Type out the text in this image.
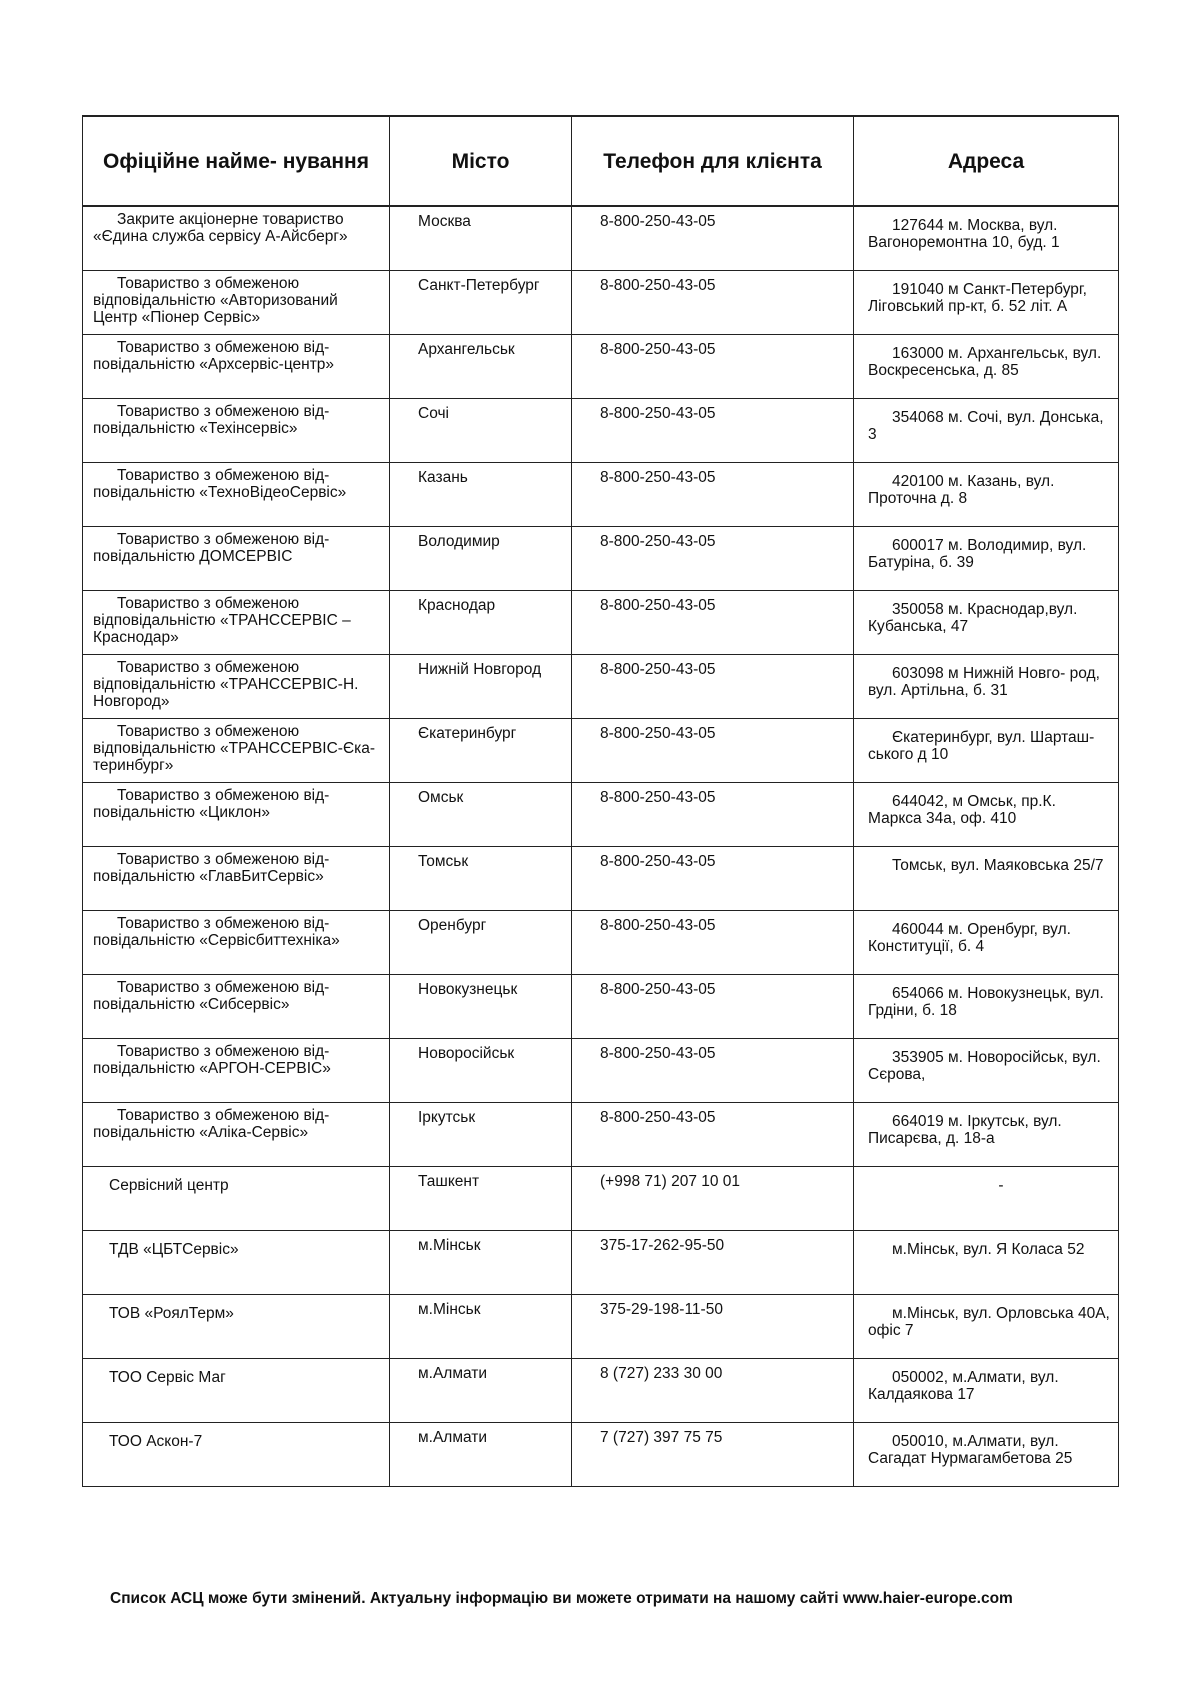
Офіційне найме- нування	Місто	Телефон для клієнта	Адреса
Закрите акціонерне товариство «Єдина служба сервісу А-Айсберг»	Москва	8-800-250-43-05	127644 м. Москва, вул. Вагоноремонтна 10, буд. 1
Товариство з обмеженою відповідальністю «Авторизований Центр «Піонер Сервіс»	Санкт-Петербург	8-800-250-43-05	191040 м Санкт-Петербург, Лігoвський пр-кт, б. 52 літ. А
Товариство з обмеженою від- повідальністю «Архсервіс-центр»	Архангельськ	8-800-250-43-05	163000 м. Архангельськ, вул. Воскресенська, д. 85
Товариство з обмеженою від- повідальністю «Техінсервіс»	Сочі	8-800-250-43-05	354068 м. Сочі, вул. Донська, 3
Товариство з обмеженою від- повідальністю «ТехноВідеоСервіс»	Казань	8-800-250-43-05	420100 м. Казань, вул. Проточна д. 8
Товариство з обмеженою від- повідальністю ДОМСЕРВІС	Володимир	8-800-250-43-05	600017 м. Володимир, вул. Батуріна, б. 39
Товариство з обмеженою відповідальністю «ТРАНССЕРВІС – Краснодар»	Краснодар	8-800-250-43-05	350058 м. Краснодар,вул. Кубанська, 47
Товариство з обмеженою відповідальністю «ТРАНССЕРВІС-Н. Новгород»	Нижній Новгород	8-800-250-43-05	603098 м Нижній Новго- род, вул. Артільна, б. 31
Товариство з обмеженою відповідальністю «ТРАНССЕРВІС-Єка- теринбург»	Єкатеринбург	8-800-250-43-05	Єкатеринбург, вул. Шарташ- ського д 10
Товариство з обмеженою від- повідальністю «Циклон»	Омськ	8-800-250-43-05	644042, м Омськ, пр.К. Маркса 34а, оф. 410
Товариство з обмеженою від- повідальністю «ГлавБитСервіс»	Томськ	8-800-250-43-05	Томськ, вул. Маяковська 25/7
Товариство з обмеженою від- повідальністю «Сервісбиттехніка»	Оренбург	8-800-250-43-05	460044 м. Оренбург, вул. Конституції, б. 4
Товариство з обмеженою від- повідальністю «Сибсервіс»	Новокузнецьк	8-800-250-43-05	654066 м. Новокузнецьк, вул. Грдіни, б. 18
Товариство з обмеженою від- повідальністю «АРГОН-СЕРВІС»	Новоросійськ	8-800-250-43-05	353905 м. Новоросійськ, вул. Сєрова,
Товариство з обмеженою від- повідальністю «Аліка-Сервіс»	Іркутськ	8-800-250-43-05	664019 м. Іркутськ, вул. Писарєва, д. 18-а
Сервісний центр	Ташкент	(+998 71) 207 10 01	-
ТДВ «ЦБТСервіс»	м.Мінськ	375-17-262-95-50	м.Мінськ, вул. Я Коласа 52
ТОВ «РоялТерм»	м.Мінськ	375-29-198-11-50	м.Мінськ, вул. Орловська 40А, офіс 7
ТОО Сервіс Маг	м.Алмати	8 (727) 233 30 00	050002, м.Алмати, вул. Калдаякова 17
ТОО Аскон-7	м.Алмати	7 (727) 397 75 75	050010, м.Алмати, вул. Сагадат Нурмагамбетова 25
Список АСЦ може бути змінений. Актуальну інформацію ви можете отримати на нашому сайті www.haier-europe.com
